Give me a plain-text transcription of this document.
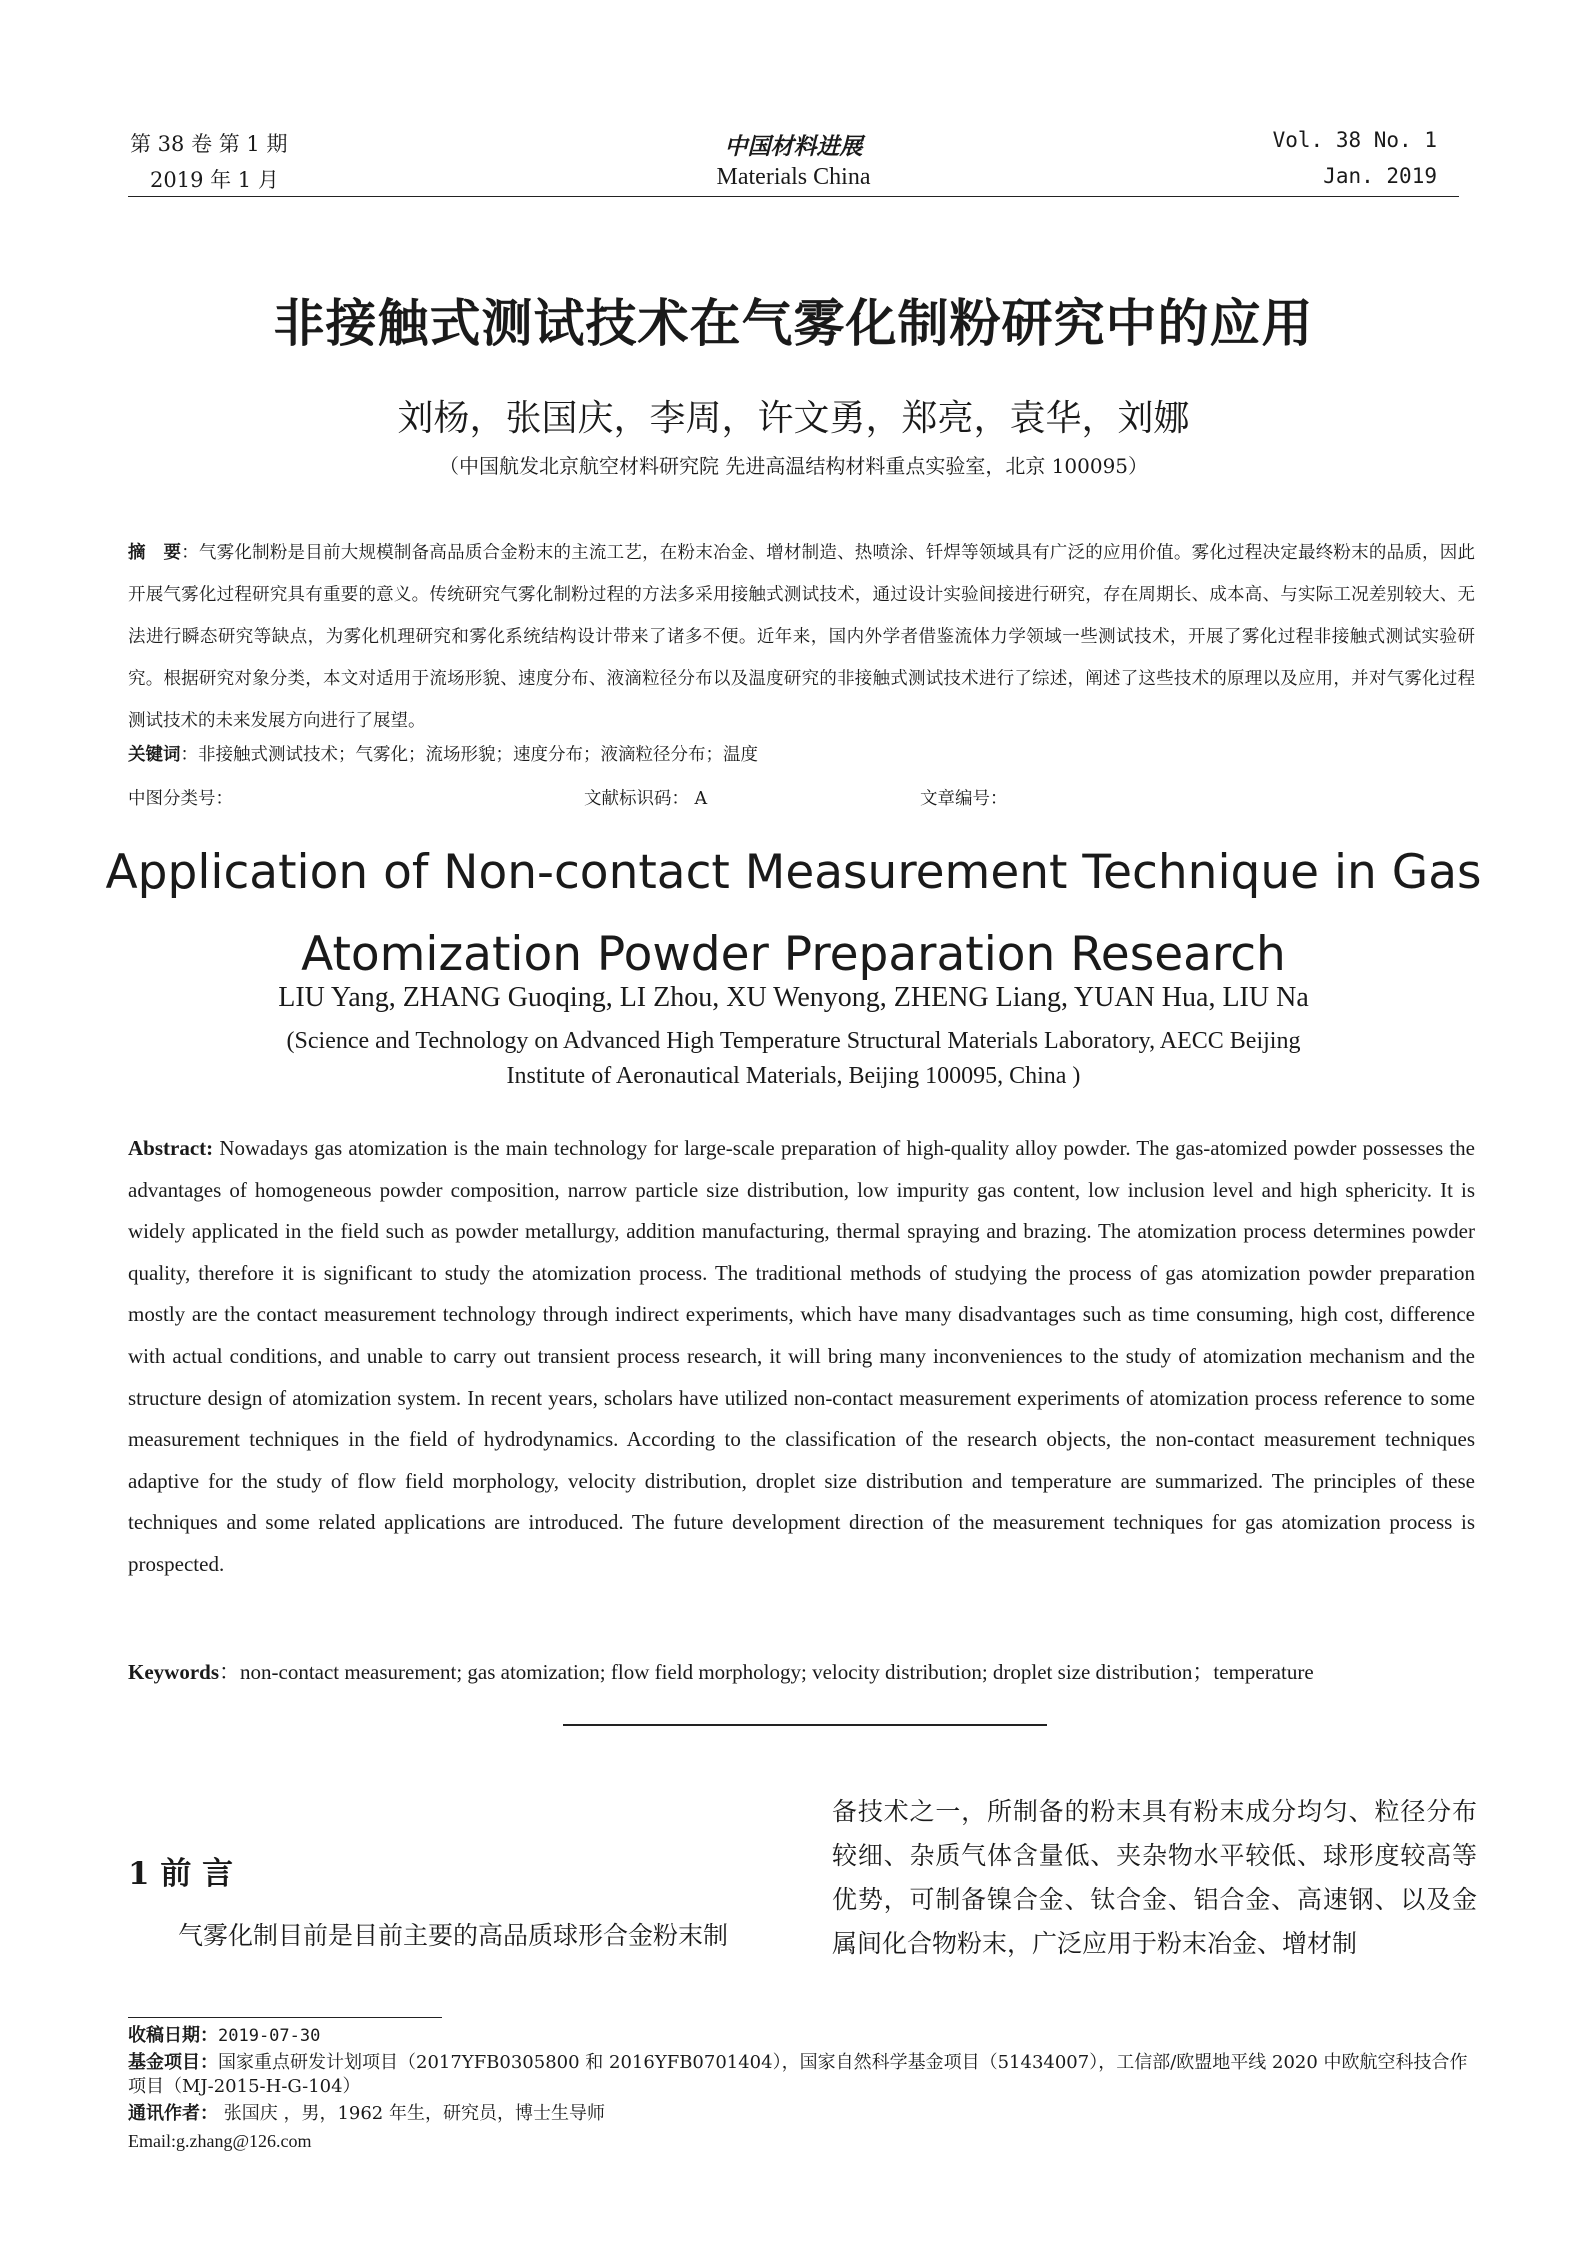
第 38 卷 第 1 期	中国材料进展	Vol. 38 No. 1
2019 年 1 月	Materials China	Jan. 2019
非接触式测试技术在气雾化制粉研究中的应用
刘杨，张国庆，李周，许文勇，郑亮，袁华，刘娜
（中国航发北京航空材料研究院 先进高温结构材料重点实验室，北京 100095）
摘　要：气雾化制粉是目前大规模制备高品质合金粉末的主流工艺，在粉末冶金、增材制造、热喷涂、钎焊等领域具有广泛的应用价值。雾化过程决定最终粉末的品质，因此开展气雾化过程研究具有重要的意义。传统研究气雾化制粉过程的方法多采用接触式测试技术，通过设计实验间接进行研究，存在周期长、成本高、与实际工况差别较大、无法进行瞬态研究等缺点，为雾化机理研究和雾化系统结构设计带来了诸多不便。近年来，国内外学者借鉴流体力学领域一些测试技术，开展了雾化过程非接触式测试实验研究。根据研究对象分类，本文对适用于流场形貌、速度分布、液滴粒径分布以及温度研究的非接触式测试技术进行了综述，阐述了这些技术的原理以及应用，并对气雾化过程测试技术的未来发展方向进行了展望。
关键词：非接触式测试技术；气雾化；流场形貌；速度分布；液滴粒径分布；温度
中图分类号：	文献标识码： A	文章编号：
Application of Non-contact Measurement Technique in Gas
Atomization Powder Preparation Research
LIU Yang, ZHANG Guoqing, LI Zhou, XU Wenyong, ZHENG Liang, YUAN Hua, LIU Na
(Science and Technology on Advanced High Temperature Structural Materials Laboratory, AECC Beijing
Institute of Aeronautical Materials, Beijing 100095, China )
Abstract: Nowadays gas atomization is the main technology for large-scale preparation of high-quality alloy powder. The gas-atomized powder possesses the advantages of homogeneous powder composition, narrow particle size distribution, low impurity gas content, low inclusion level and high sphericity. It is widely applicated in the field such as powder metallurgy, addition manufacturing, thermal spraying and brazing. The atomization process determines powder quality, therefore it is significant to study the atomization process. The traditional methods of studying the process of gas atomization powder preparation mostly are the contact measurement technology through indirect experiments, which have many disadvantages such as time consuming, high cost, difference with actual conditions, and unable to carry out transient process research, it will bring many inconveniences to the study of atomization mechanism and the structure design of atomization system. In recent years, scholars have utilized non-contact measurement experiments of atomization process reference to some measurement techniques in the field of hydrodynamics. According to the classification of the research objects, the non-contact measurement techniques adaptive for the study of flow field morphology, velocity distribution, droplet size distribution and temperature are summarized. The principles of these techniques and some related applications are introduced. The future development direction of the measurement techniques for gas atomization process is prospected.
Keywords：non-contact measurement; gas atomization; flow field morphology; velocity distribution; droplet size distribution；temperature
1 前 言
气雾化制目前是目前主要的高品质球形合金粉末制
备技术之一，所制备的粉末具有粉末成分均匀、粒径分布较细、杂质气体含量低、夹杂物水平较低、球形度较高等优势，可制备镍合金、钛合金、铝合金、高速钢、以及金属间化合物粉末，广泛应用于粉末冶金、增材制
收稿日期：2019-07-30
基金项目：国家重点研发计划项目（2017YFB0305800 和 2016YFB0701404），国家自然科学基金项目（51434007），工信部/欧盟地平线 2020 中欧航空科技合作项目（MJ-2015-H-G-104）
通讯作者： 张国庆 ，男，1962 年生，研究员，博士生导师
Email:g.zhang@126.com
